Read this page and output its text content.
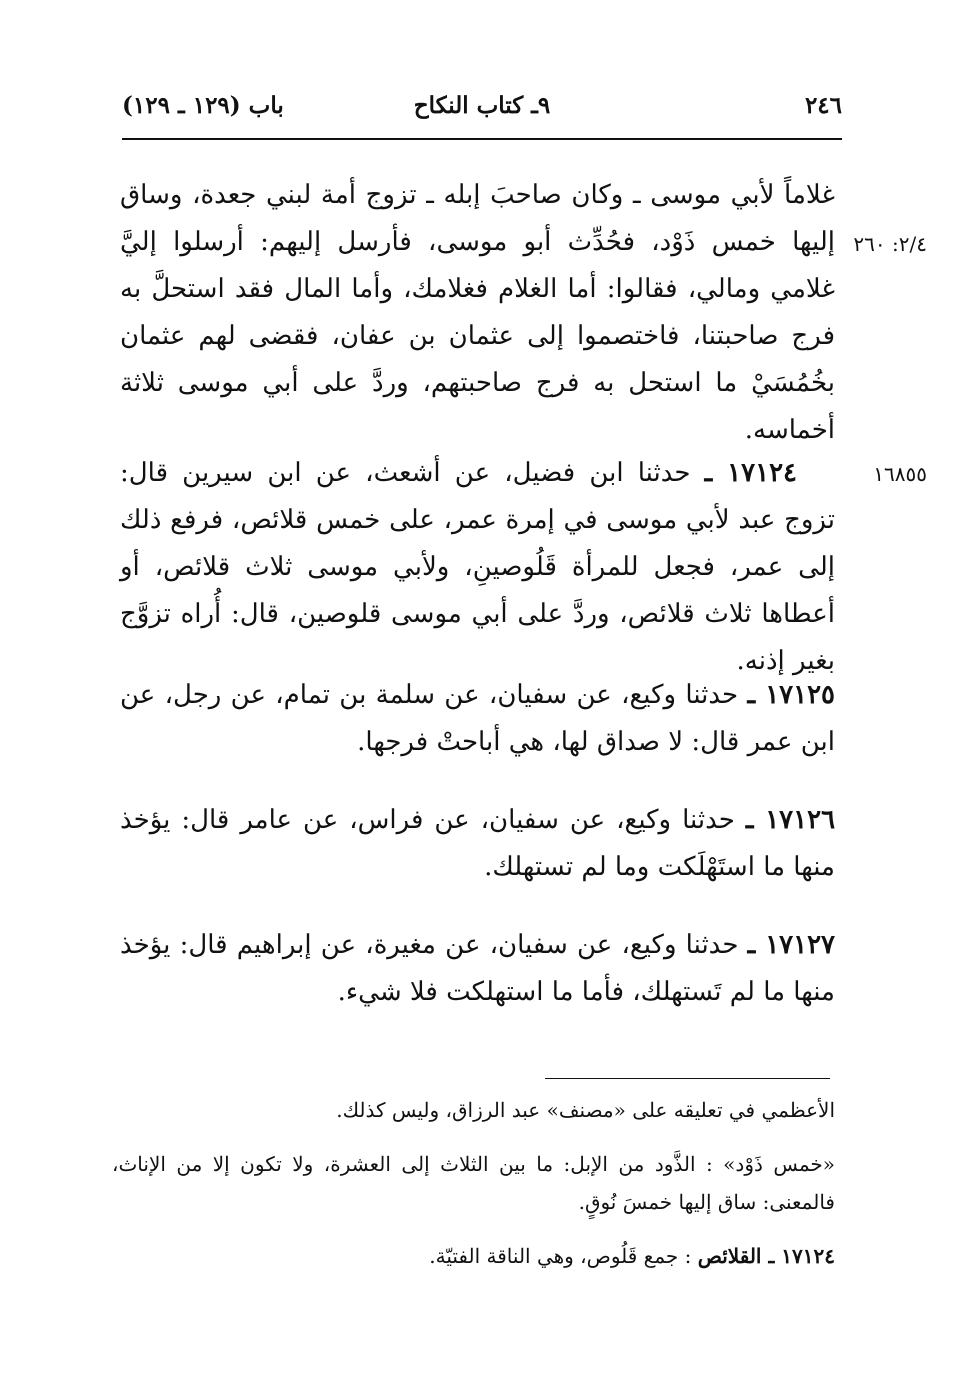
٢٤٦
٩ـ كتاب النكاح
باب (١٢٩ ـ ١٢٩)
٢/٤: ٢٦٠
١٦٨٥٥
غلاماً لأبي موسى ـ وكان صاحبَ إبله ـ تزوج أمة لبني جعدة، وساق إليها خمس ذَوْد، فحُدِّث أبو موسى، فأرسل إليهم: أرسلوا إليَّ غلامي ومالي، فقالوا: أما الغلام فغلامك، وأما المال فقد استحلَّ به فرج صاحبتنا، فاختصموا إلى عثمان بن عفان، فقضى لهم عثمان بخُمُسَيْ ما استحل به فرج صاحبتهم، وردَّ على أبي موسى ثلاثة أخماسه.
١٧١٢٤ ـ حدثنا ابن فضيل، عن أشعث، عن ابن سيرين قال: تزوج عبد لأبي موسى في إمرة عمر، على خمس قلائص، فرفع ذلك إلى عمر، فجعل للمرأة قَلُوصينِ، ولأبي موسى ثلاث قلائص، أو أعطاها ثلاث قلائص، وردَّ على أبي موسى قلوصين، قال: أُراه تزوَّج بغير إذنه.
١٧١٢٥ ـ حدثنا وكيع، عن سفيان، عن سلمة بن تمام، عن رجل، عن ابن عمر قال: لا صداق لها، هي أباحتْ فرجها.
١٧١٢٦ ـ حدثنا وكيع، عن سفيان، عن فراس، عن عامر قال: يؤخذ منها ما استَهْلَكت وما لم تستهلك.
١٧١٢٧ ـ حدثنا وكيع، عن سفيان، عن مغيرة، عن إبراهيم قال: يؤخذ منها ما لم تَستهلك، فأما ما استهلكت فلا شيء.
الأعظمي في تعليقه على «مصنف» عبد الرزاق، وليس كذلك.
«خمس ذَوْد» : الذَّود من الإبل: ما بين الثلاث إلى العشرة، ولا تكون إلا من الإناث، فالمعنى: ساق إليها خمسَ نُوقٍ.
١٧١٢٤ ـ القلائص : جمع قَلُوص، وهي الناقة الفتيّة.
